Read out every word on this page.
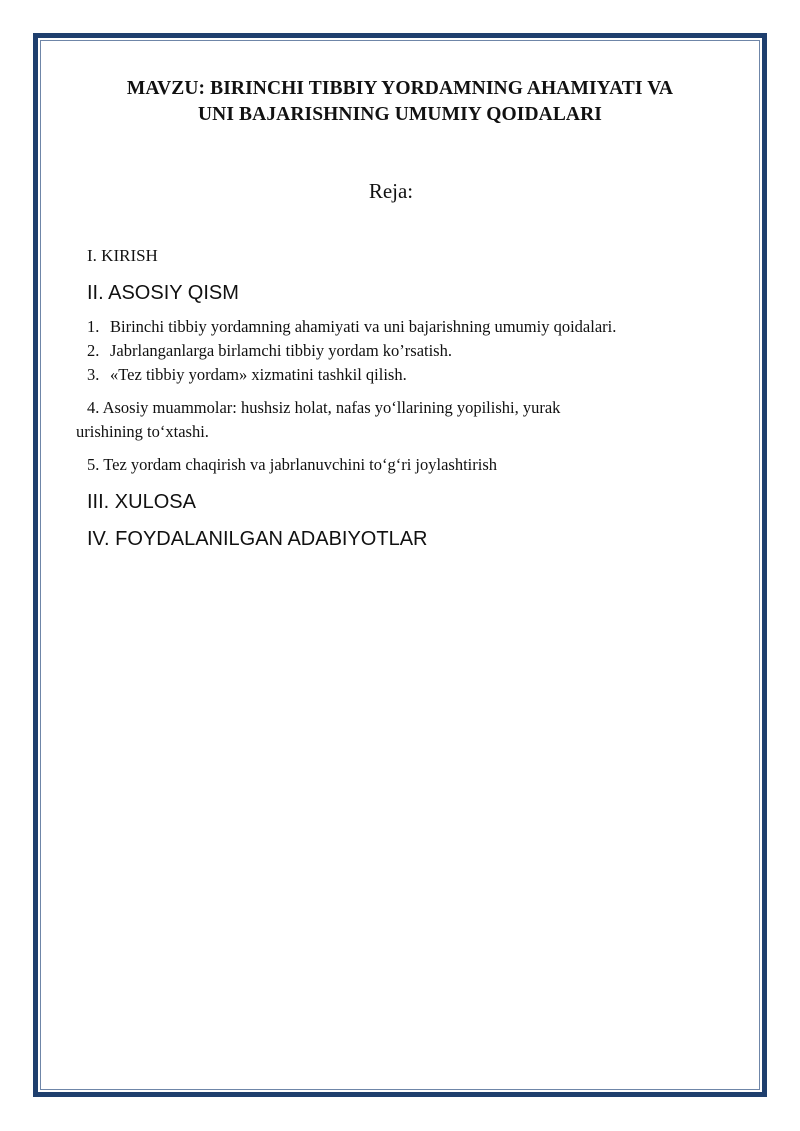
MAVZU: BIRINCHI TIBBIY YORDAMNING AHAMIYATI VA
UNI BAJARISHNING UMUMIY QOIDALARI
Reja:
I. KIRISH
II. ASOSIY QISM
1. Birinchi tibbiy yordamning ahamiyati va uni bajarishning umumiy qoidalari.
2. Jabrlanganlarga birlamchi tibbiy yordam ko’rsatish.
3. «Tez tibbiy yordam» xizmatini tashkil qilish.
4. Asosiy muammolar: hushsiz holat, nafas yo‘llarining yopilishi, yurak
urishining to‘xtashi.
5. Tez yordam chaqirish va jabrlanuvchini to‘g‘ri joylashtirish
III. XULOSA
IV. FOYDALANILGAN ADABIYOTLAR
